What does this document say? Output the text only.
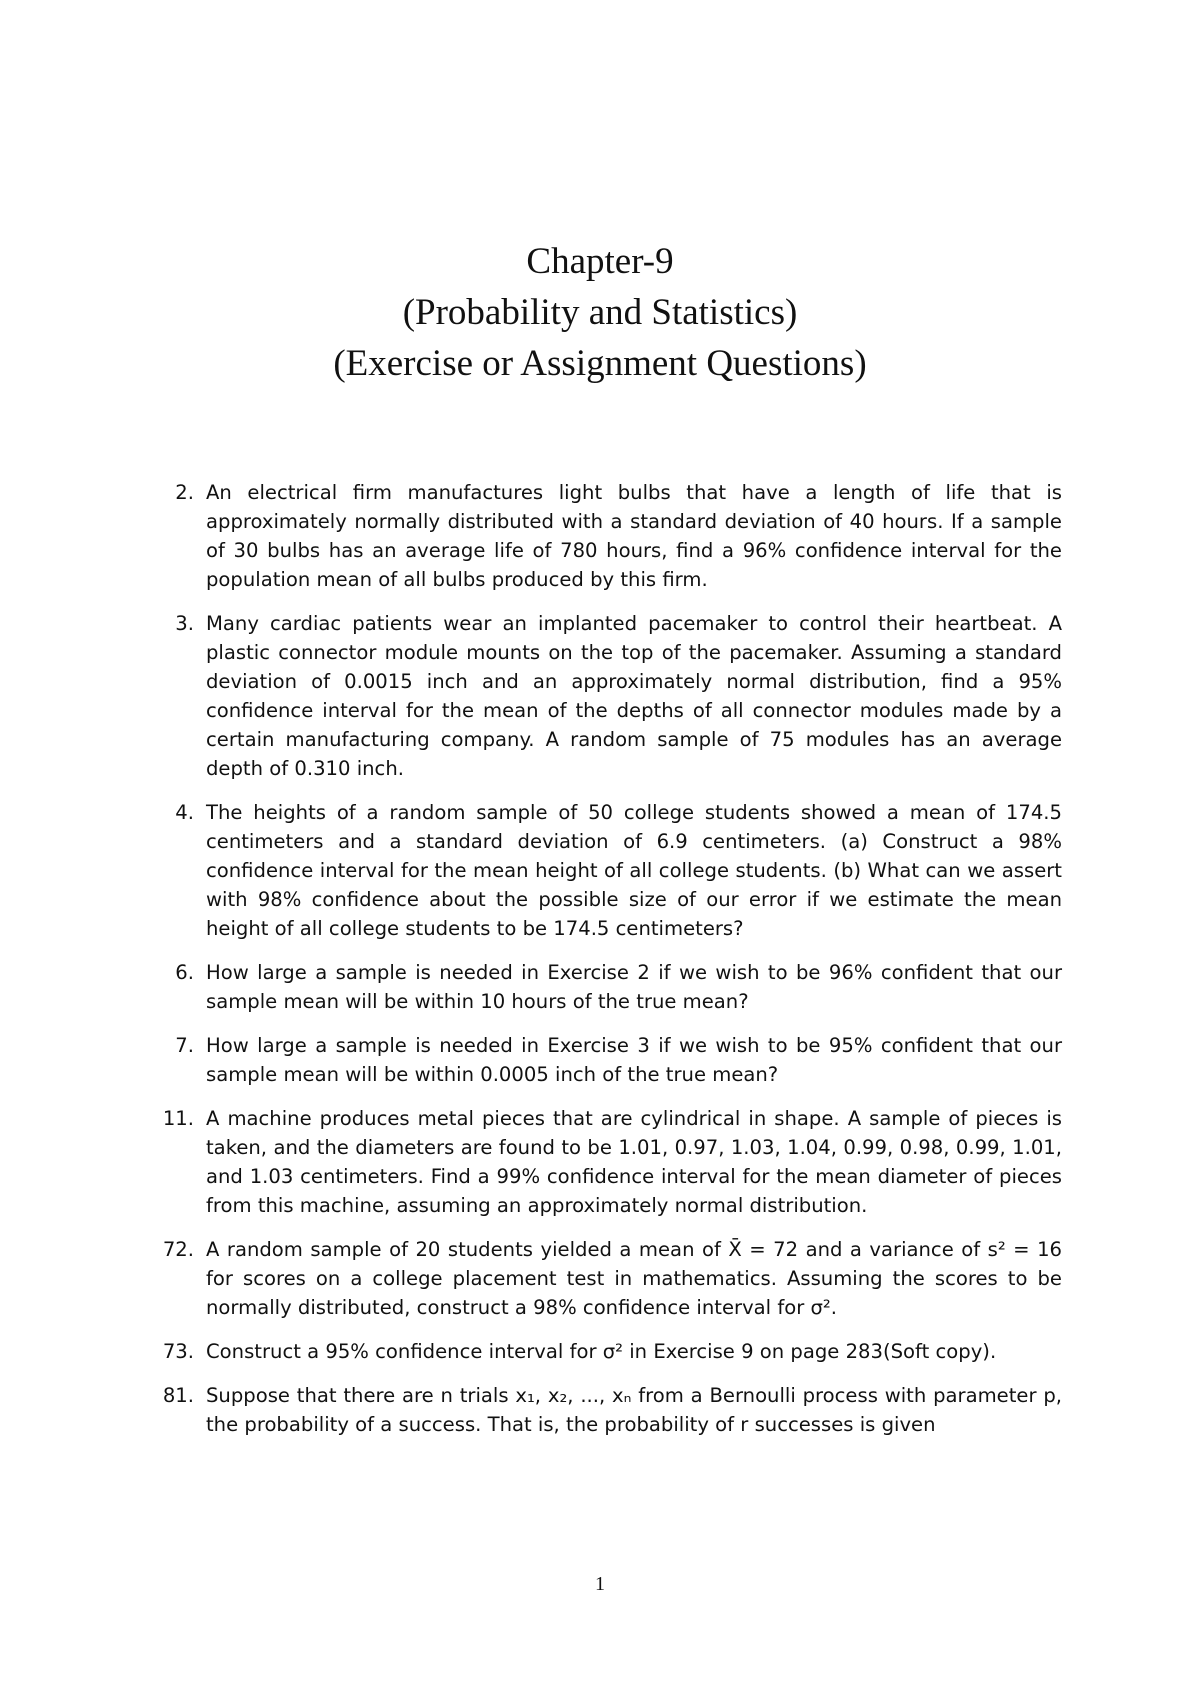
Chapter-9
(Probability and Statistics)
(Exercise or Assignment Questions)
2. An electrical firm manufactures light bulbs that have a length of life that is approximately normally distributed with a standard deviation of 40 hours. If a sample of 30 bulbs has an average life of 780 hours, find a 96% confidence interval for the population mean of all bulbs produced by this firm.
3. Many cardiac patients wear an implanted pacemaker to control their heartbeat. A plastic connector module mounts on the top of the pacemaker. Assuming a standard deviation of 0.0015 inch and an approximately normal distribution, find a 95% confidence interval for the mean of the depths of all connector modules made by a certain manufacturing company. A random sample of 75 modules has an average depth of 0.310 inch.
4. The heights of a random sample of 50 college students showed a mean of 174.5 centimeters and a standard deviation of 6.9 centimeters. (a) Construct a 98% confidence interval for the mean height of all college students. (b) What can we assert with 98% confidence about the possible size of our error if we estimate the mean height of all college students to be 174.5 centimeters?
6. How large a sample is needed in Exercise 2 if we wish to be 96% confident that our sample mean will be within 10 hours of the true mean?
7. How large a sample is needed in Exercise 3 if we wish to be 95% confident that our sample mean will be within 0.0005 inch of the true mean?
11. A machine produces metal pieces that are cylindrical in shape. A sample of pieces is taken, and the diameters are found to be 1.01, 0.97, 1.03, 1.04, 0.99, 0.98, 0.99, 1.01, and 1.03 centimeters. Find a 99% confidence interval for the mean diameter of pieces from this machine, assuming an approximately normal distribution.
72. A random sample of 20 students yielded a mean of X̄ = 72 and a variance of s² = 16 for scores on a college placement test in mathematics. Assuming the scores to be normally distributed, construct a 98% confidence interval for σ².
73. Construct a 95% confidence interval for σ² in Exercise 9 on page 283(Soft copy).
81. Suppose that there are n trials x₁, x₂, ..., xₙ from a Bernoulli process with parameter p, the probability of a success. That is, the probability of r successes is given
1
